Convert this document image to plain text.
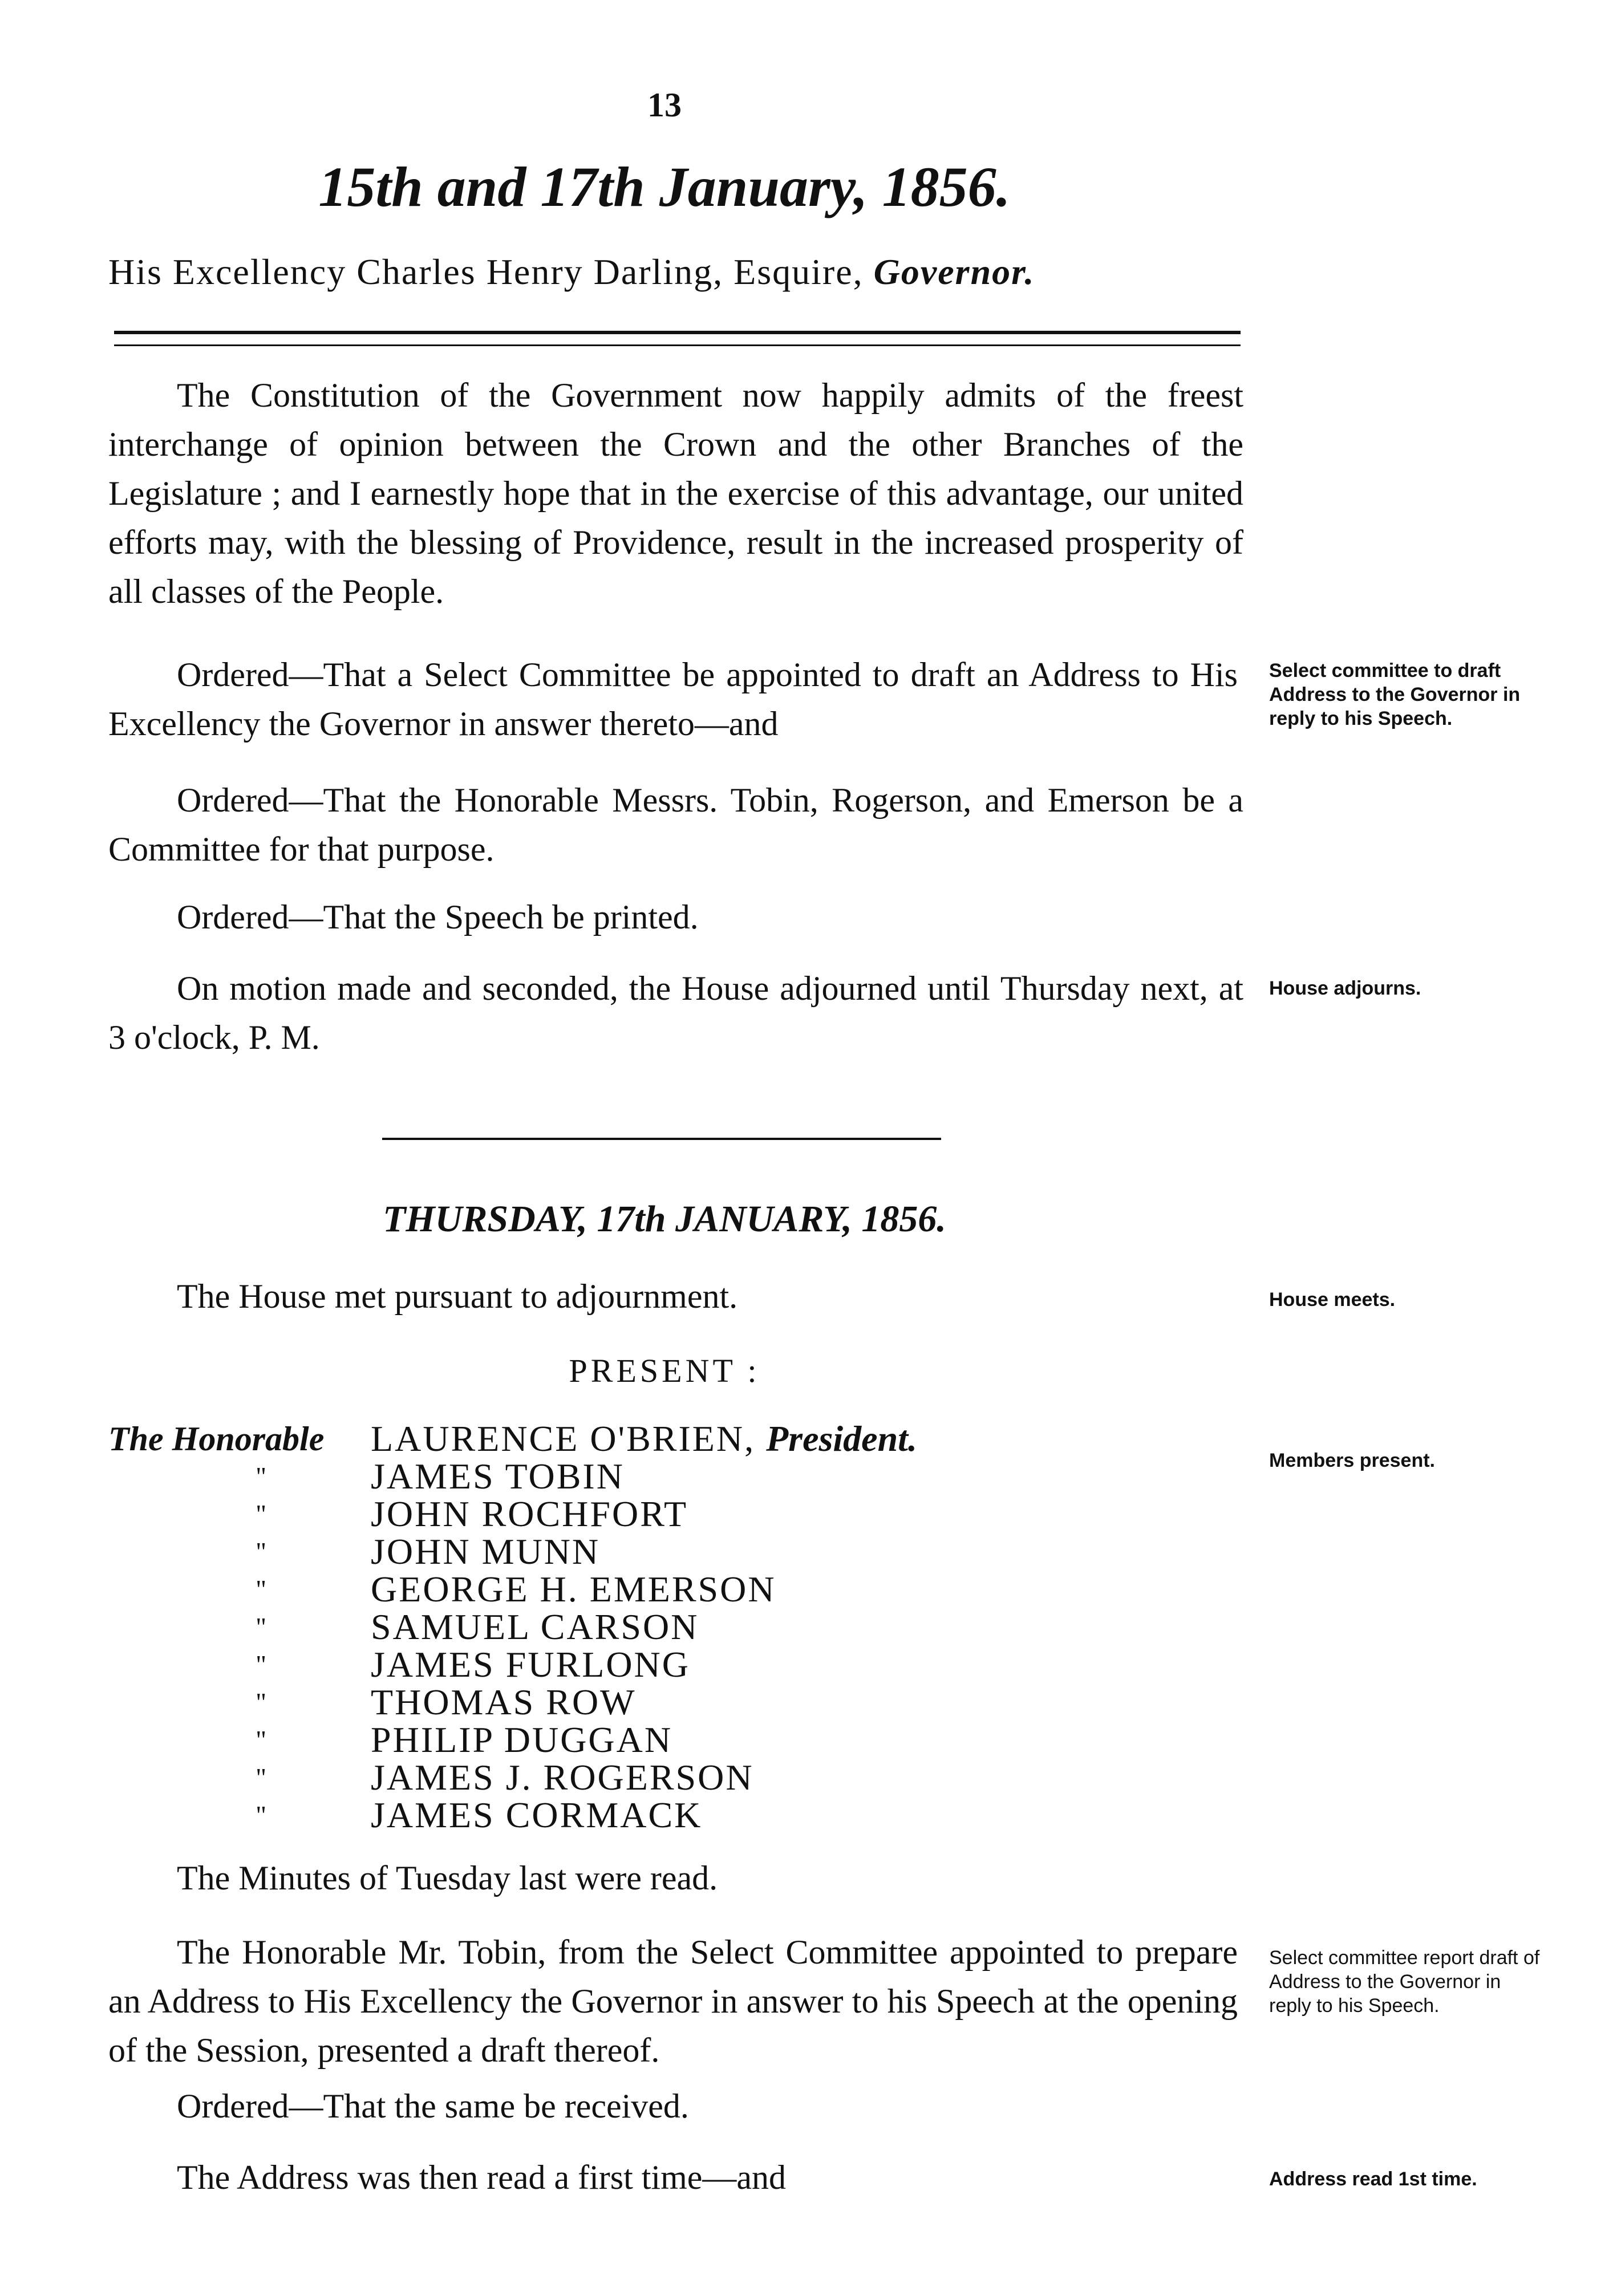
13
15th and 17th January, 1856.
His Excellency Charles Henry Darling, Esquire, Governor.

The Constitution of the Government now happily admits of the freest interchange of opinion between the Crown and the other Branches of the Legislature ; and I earnestly hope that in the exercise of this advantage, our united efforts may, with the blessing of Providence, result in the increased prosperity of all classes of the People.

Ordered—That a Select Committee be appointed to draft an Address to His Excellency the Governor in answer thereto—and

Select committee to draft Address to the Governor in reply to his Speech.

Ordered—That the Honorable Messrs. Tobin, Rogerson, and Emerson be a Committee for that purpose.

Ordered—That the Speech be printed.

On motion made and seconded, the House adjourned until Thursday next, at 3 o'clock, P. M.

House adjourns.
THURSDAY, 17th JANUARY, 1856.

The House met pursuant to adjournment.	House meets.
PRESENT :
The Honorable LAURENCE O'BRIEN, President.
"	JAMES TOBIN
"	JOHN ROCHFORT
"	JOHN MUNN
"	GEORGE H. EMERSON
"	SAMUEL CARSON
"	JAMES FURLONG
"	THOMAS ROW
"	PHILIP DUGGAN
"	JAMES J. ROGERSON
"	JAMES CORMACK
Members present.

The Minutes of Tuesday last were read.

The Honorable Mr. Tobin, from the Select Committee appointed to prepare an Address to His Excellency the Governor in answer to his Speech at the opening of the Session, presented a draft thereof.

Select committee report draft of Address to the Governor in reply to his Speech.

Ordered—That the same be received.

The Address was then read a first time—and	Address read 1st time.
